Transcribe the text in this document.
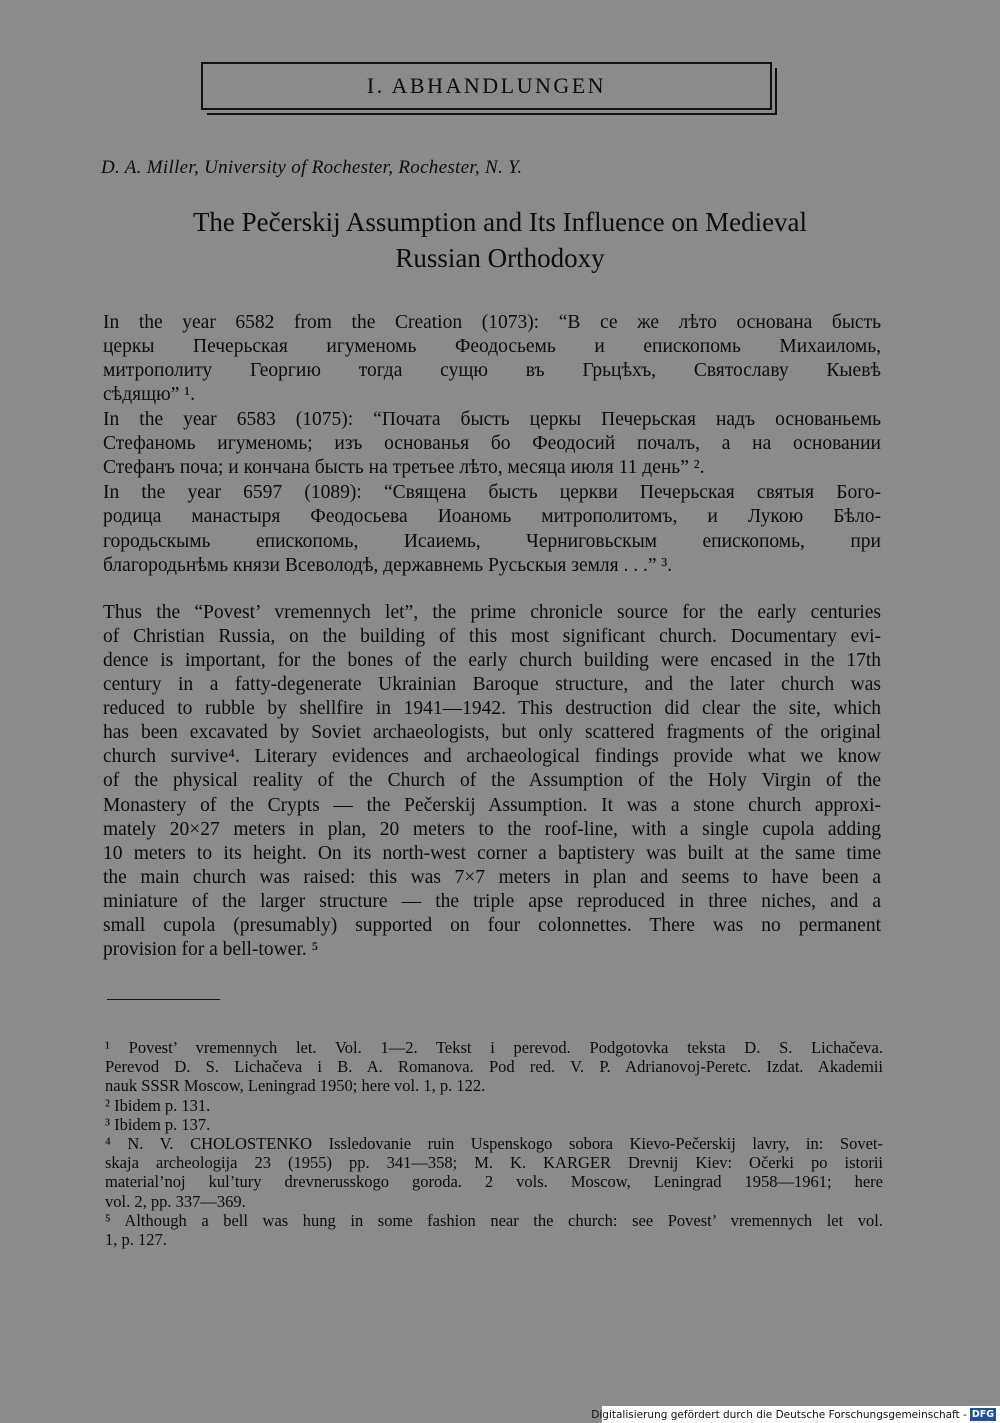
I. ABHANDLUNGEN
D. A. Miller, University of Rochester, Rochester, N. Y.
The Pečerskij Assumption and Its Influence on Medieval
Russian Orthodoxy
In the year 6582 from the Creation (1073): “В се же лѣто основана бысть
церкы Печерьская игуменомь Феодосьемь и епископомь Михаиломь,
митрополиту Георгию тогда сущю въ Грьцѣхъ, Святославу Кыевѣ
сѣдящю” ¹.
In the year 6583 (1075): “Почата бысть церкы Печерьская надъ основаньемь
Стефаномь игуменомь; изъ основанья бо Феодосий почалъ, а на основании
Стефанъ поча; и кончана бысть на третьее лѣто, месяца июля 11 день” ².
In the year 6597 (1089): “Священа бысть церкви Печерьская святыя Бого-
родица манастыря Феодосьева Иоаномь митрополитомъ, и Лукою Бѣло-
городьскымь епископомь, Исаиемь, Черниговьскым епископомь, при
благородьнѣмь князи Всеволодѣ, державнемь Русьскыя земля . . .” ³.
Thus the “Povest’ vremennych let”, the prime chronicle source for the early centuries
of Christian Russia, on the building of this most significant church. Documentary evi-
dence is important, for the bones of the early church building were encased in the 17th
century in a fatty-degenerate Ukrainian Baroque structure, and the later church was
reduced to rubble by shellfire in 1941—1942. This destruction did clear the site, which
has been excavated by Soviet archaeologists, but only scattered fragments of the original
church survive⁴. Literary evidences and archaeological findings provide what we know
of the physical reality of the Church of the Assumption of the Holy Virgin of the
Monastery of the Crypts — the Pečerskij Assumption. It was a stone church approxi-
mately 20×27 meters in plan, 20 meters to the roof-line, with a single cupola adding
10 meters to its height. On its north-west corner a baptistery was built at the same time
the main church was raised: this was 7×7 meters in plan and seems to have been a
miniature of the larger structure — the triple apse reproduced in three niches, and a
small cupola (presumably) supported on four colonnettes. There was no permanent
provision for a bell-tower. ⁵
¹ Povest’ vremennych let. Vol. 1—2. Tekst i perevod. Podgotovka teksta D. S. Lichačeva.
Perevod D. S. Lichačeva i B. A. Romanova. Pod red. V. P. Adrianovoj-Peretc. Izdat. Akademii
nauk SSSR Moscow, Leningrad 1950; here vol. 1, p. 122.
² Ibidem p. 131.
³ Ibidem p. 137.
⁴ N. V. CHOLOSTENKO Issledovanie ruin Uspenskogo sobora Kievo-Pečerskij lavry, in: Sovet-
skaja archeologija 23 (1955) pp. 341—358; M. K. KARGER Drevnij Kiev: Očerki po istorii
material’noj kul’tury drevnerusskogo goroda. 2 vols. Moscow, Leningrad 1958—1961; here
vol. 2, pp. 337—369.
⁵ Although a bell was hung in some fashion near the church: see Povest’ vremennych let vol.
1, p. 127.
Digitalisierung gefördert durch die Deutsche Forschungsgemeinschaft - DFG
